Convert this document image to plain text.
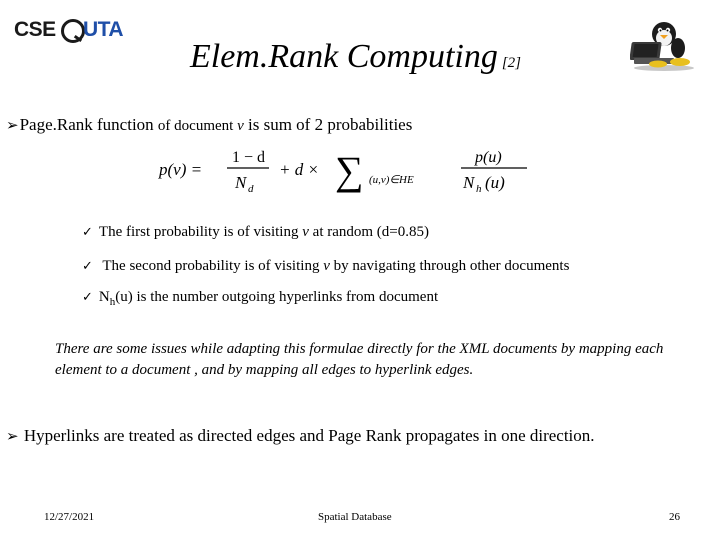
CSE UTA
Elem.Rank Computing [2]
➢Page.Rank function of document v is sum of 2 probabilities
p(v) =
1 − d
N d
+ d × ∑ (u,v)∈HE
p(u)
N h (u)
✓ The first probability is of visiting v at random (d=0.85)
✓ The second probability is of visiting v by navigating through other documents
✓ $N_h(u)$ is the number outgoing hyperlinks from document
There are some issues while adapting this formulae directly for the XML documents by mapping each element to a document , and by mapping all edges to hyperlink edges.
➢ Hyperlinks are treated as directed edges and Page Rank propagates in one direction.
12/27/2021	Spatial Database	26
